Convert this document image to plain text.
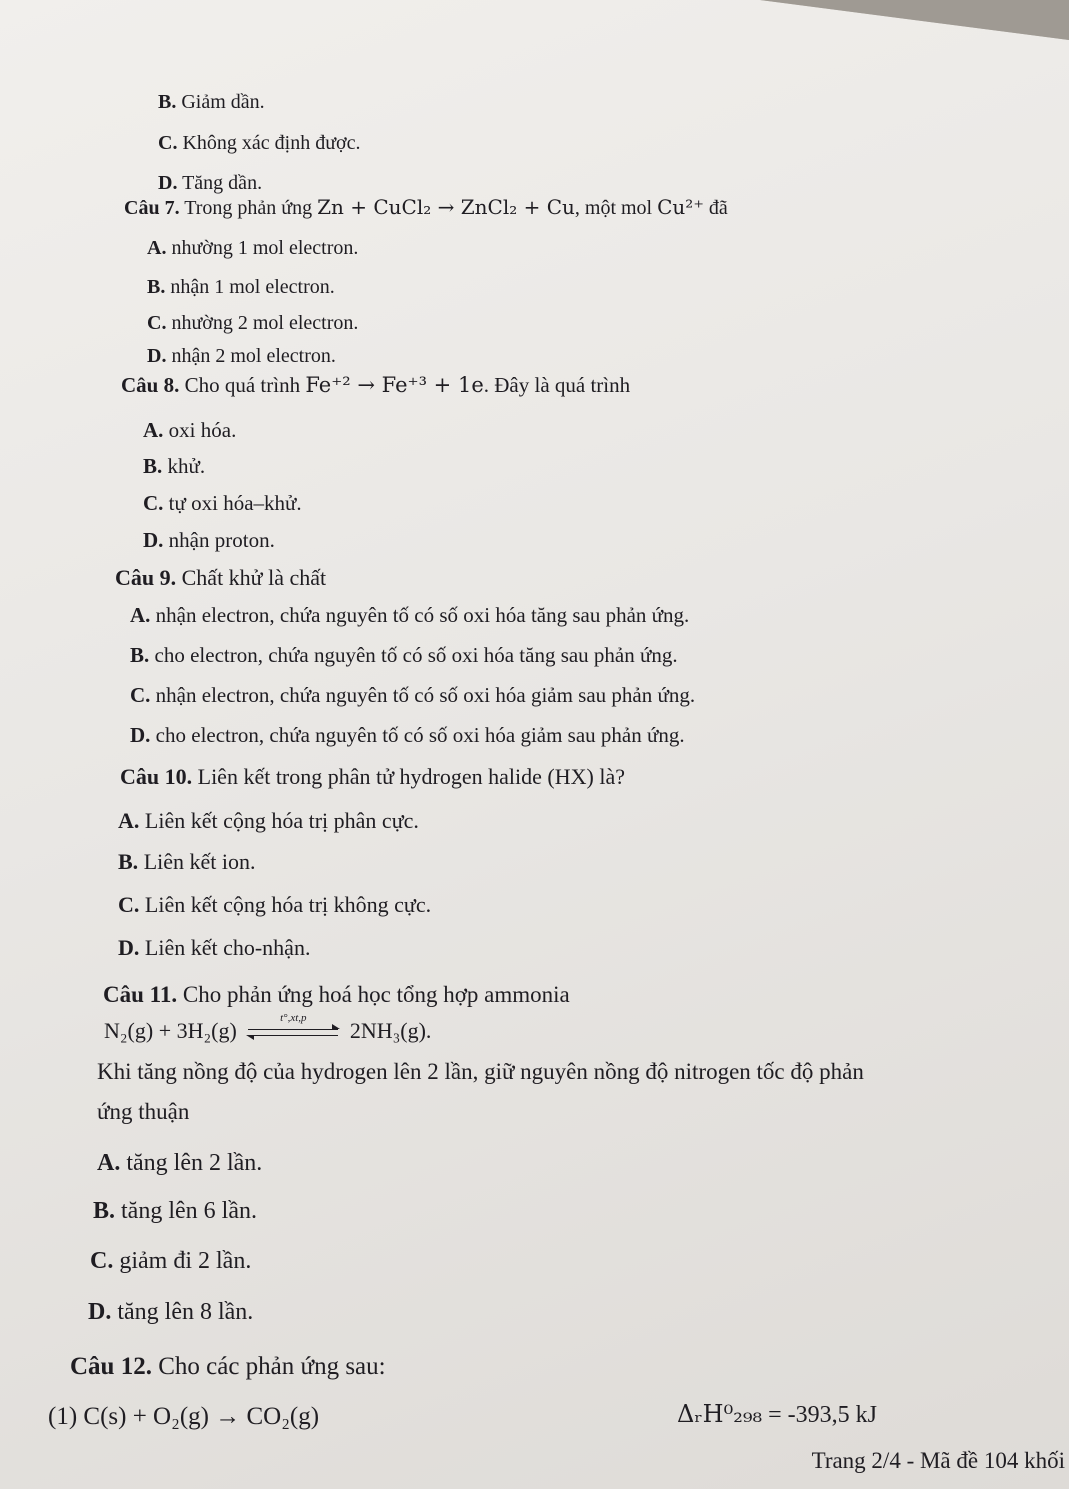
B. Giảm dần.
C. Không xác định được.
D. Tăng dần.
Câu 7. Trong phản ứng Zn + CuCl₂ → ZnCl₂ + Cu, một mol Cu²⁺ đã
A. nhường 1 mol electron.
B. nhận 1 mol electron.
C. nhường 2 mol electron.
D. nhận 2 mol electron.
Câu 8. Cho quá trình Fe⁺² → Fe⁺³ + 1e. Đây là quá trình
A. oxi hóa.
B. khử.
C. tự oxi hóa–khử.
D. nhận proton.
Câu 9. Chất khử là chất
A. nhận electron, chứa nguyên tố có số oxi hóa tăng sau phản ứng.
B. cho electron, chứa nguyên tố có số oxi hóa tăng sau phản ứng.
C. nhận electron, chứa nguyên tố có số oxi hóa giảm sau phản ứng.
D. cho electron, chứa nguyên tố có số oxi hóa giảm sau phản ứng.
Câu 10. Liên kết trong phân tử hydrogen halide (HX) là?
A. Liên kết cộng hóa trị phân cực.
B. Liên kết ion.
C. Liên kết cộng hóa trị không cực.
D. Liên kết cho-nhận.
Câu 11. Cho phản ứng hoá học tổng hợp ammonia
N₂(g) + 3H₂(g)
t°,xt,p
2NH₃(g).
Khi tăng nồng độ của hydrogen lên 2 lần, giữ nguyên nồng độ nitrogen tốc độ phản
ứng thuận
A. tăng lên 2 lần.
B. tăng lên 6 lần.
C. giảm đi 2 lần.
D. tăng lên 8 lần.
Câu 12. Cho các phản ứng sau:
(1) C(s) + O₂(g) → CO₂(g)	ΔᵣH⁰₂₉₈ = -393,5 kJ
Trang 2/4 - Mã đề 104 khối
